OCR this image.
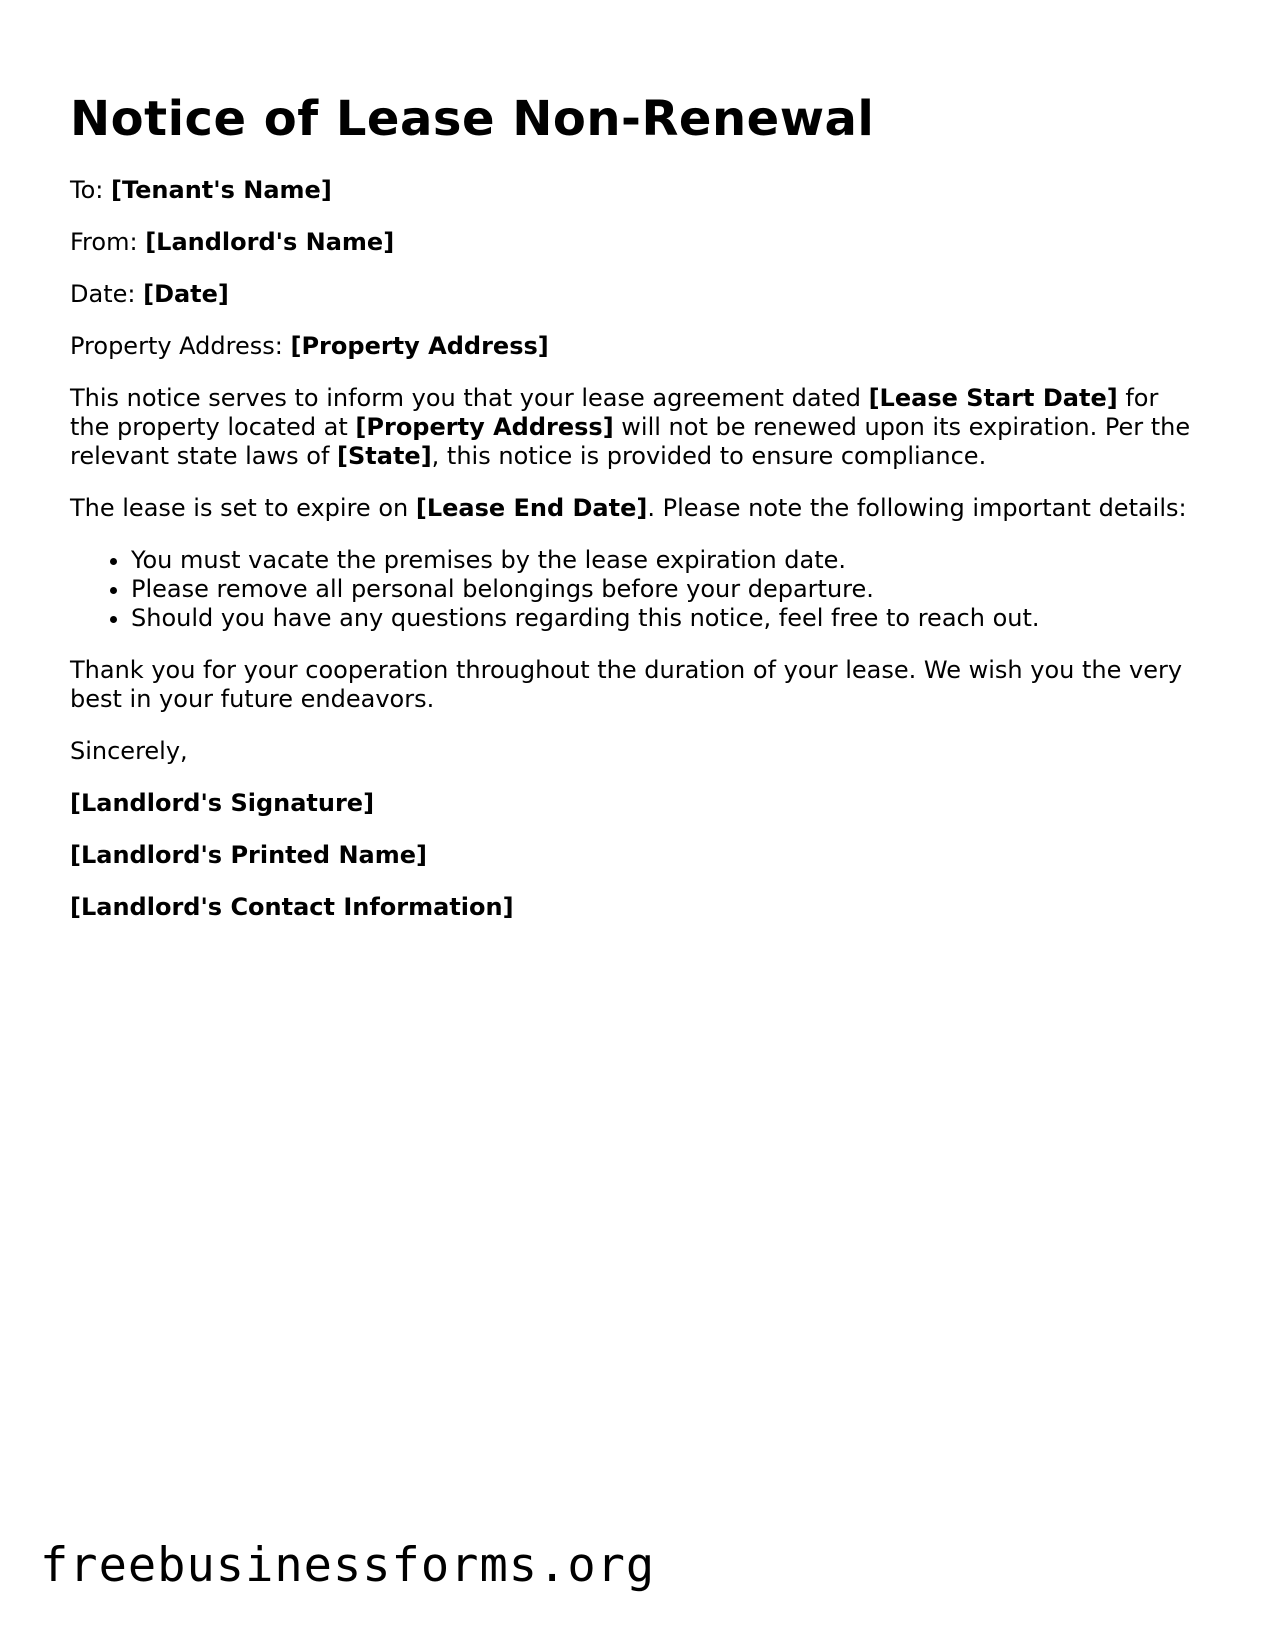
Notice of Lease Non-Renewal

To: [Tenant's Name]

From: [Landlord's Name]

Date: [Date]

Property Address: [Property Address]

This notice serves to inform you that your lease agreement dated [Lease Start Date] for the property located at [Property Address] will not be renewed upon its expiration. Per the relevant state laws of [State], this notice is provided to ensure compliance.

The lease is set to expire on [Lease End Date]. Please note the following important details:

• You must vacate the premises by the lease expiration date.
• Please remove all personal belongings before your departure.
• Should you have any questions regarding this notice, feel free to reach out.

Thank you for your cooperation throughout the duration of your lease. We wish you the very best in your future endeavors.

Sincerely,

[Landlord's Signature]

[Landlord's Printed Name]

[Landlord's Contact Information]

freebusinessforms.org
